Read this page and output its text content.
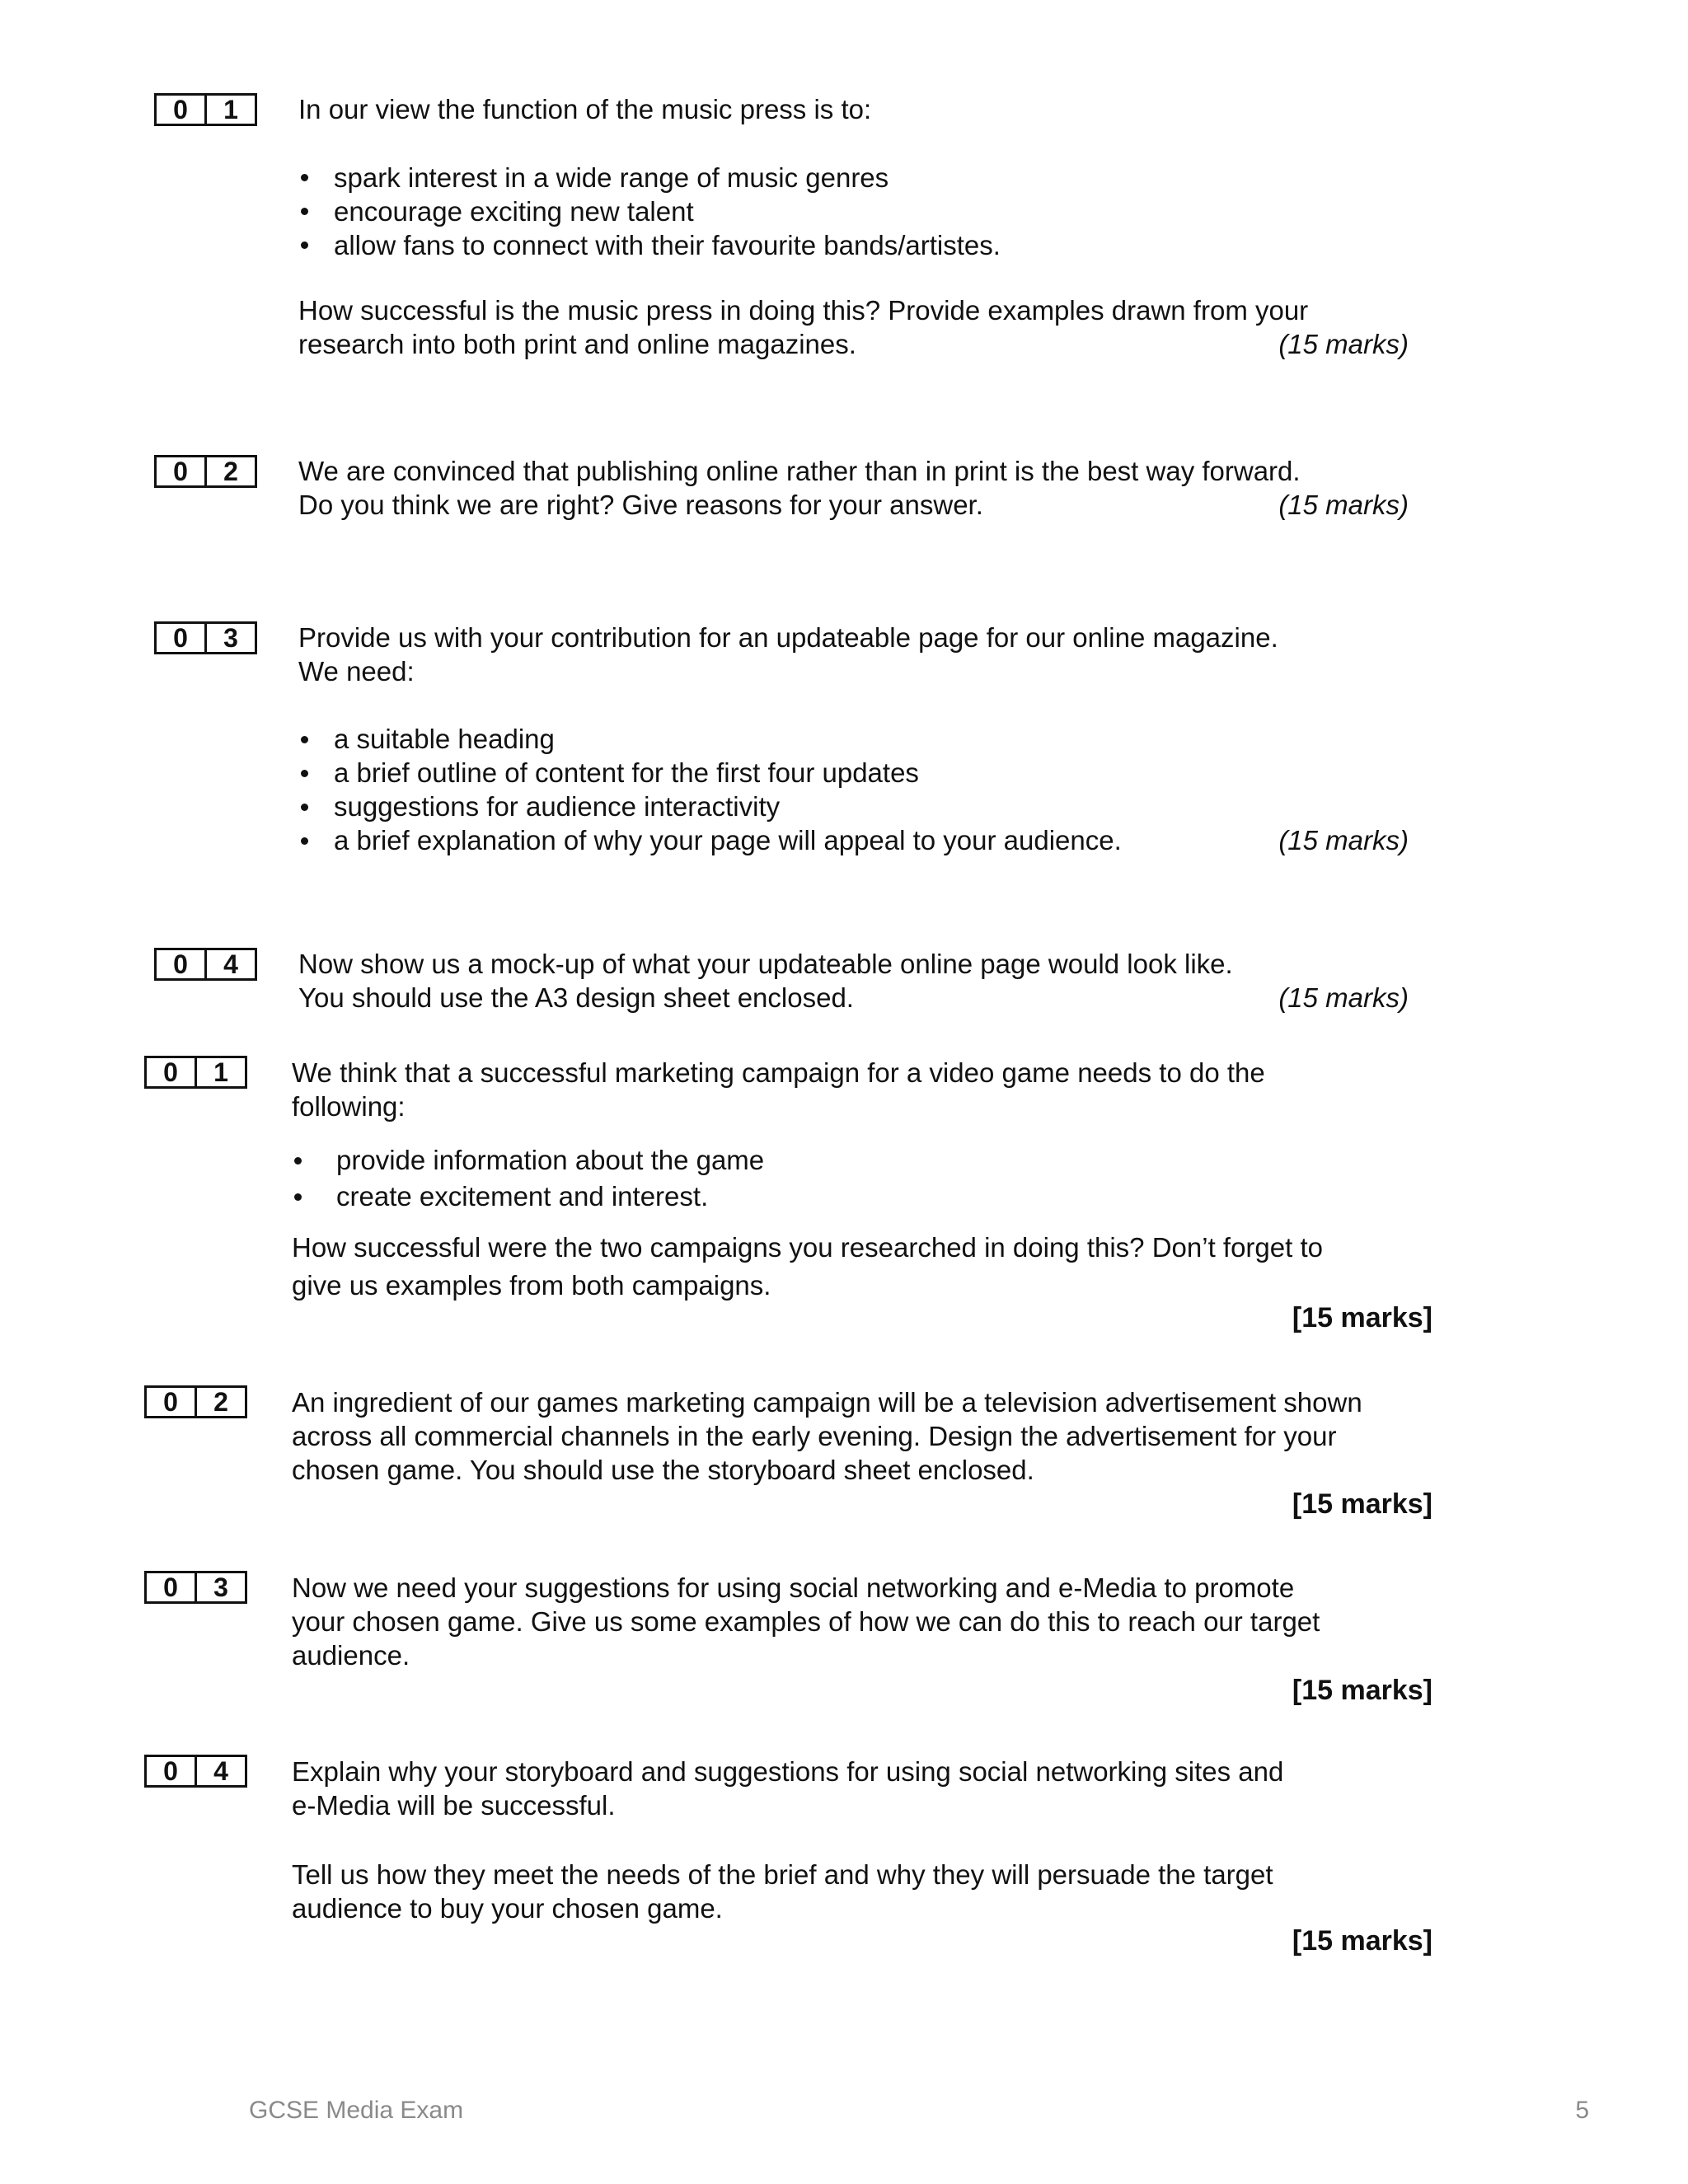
0	1	In our view the function of the music press is to:
spark interest in a wide range of music genres
encourage exciting new talent
allow fans to connect with their favourite bands/artistes.
How successful is the music press in doing this? Provide examples drawn from your
research into both print and online magazines.	(15 marks)
0	2	We are convinced that publishing online rather than in print is the best way forward.
Do you think we are right? Give reasons for your answer.	(15 marks)
0	3	Provide us with your contribution for an updateable page for our online magazine.
We need:
a suitable heading
a brief outline of content for the first four updates
suggestions for audience interactivity
a brief explanation of why your page will appeal to your audience.	(15 marks)
0	4	Now show us a mock-up of what your updateable online page would look like.
You should use the A3 design sheet enclosed.	(15 marks)
0	1	We think that a successful marketing campaign for a video game needs to do the
following:
provide information about the game
create excitement and interest.
How successful were the two campaigns you researched in doing this? Don’t forget to
give us examples from both campaigns.
[15 marks]
0	2	An ingredient of our games marketing campaign will be a television advertisement shown
across all commercial channels in the early evening. Design the advertisement for your
chosen game. You should use the storyboard sheet enclosed.
[15 marks]
0	3	Now we need your suggestions for using social networking and e-Media to promote
your chosen game. Give us some examples of how we can do this to reach our target
audience.
[15 marks]
0	4	Explain why your storyboard and suggestions for using social networking sites and
e-Media will be successful.
Tell us how they meet the needs of the brief and why they will persuade the target
audience to buy your chosen game.
[15 marks]
GCSE Media Exam	5
